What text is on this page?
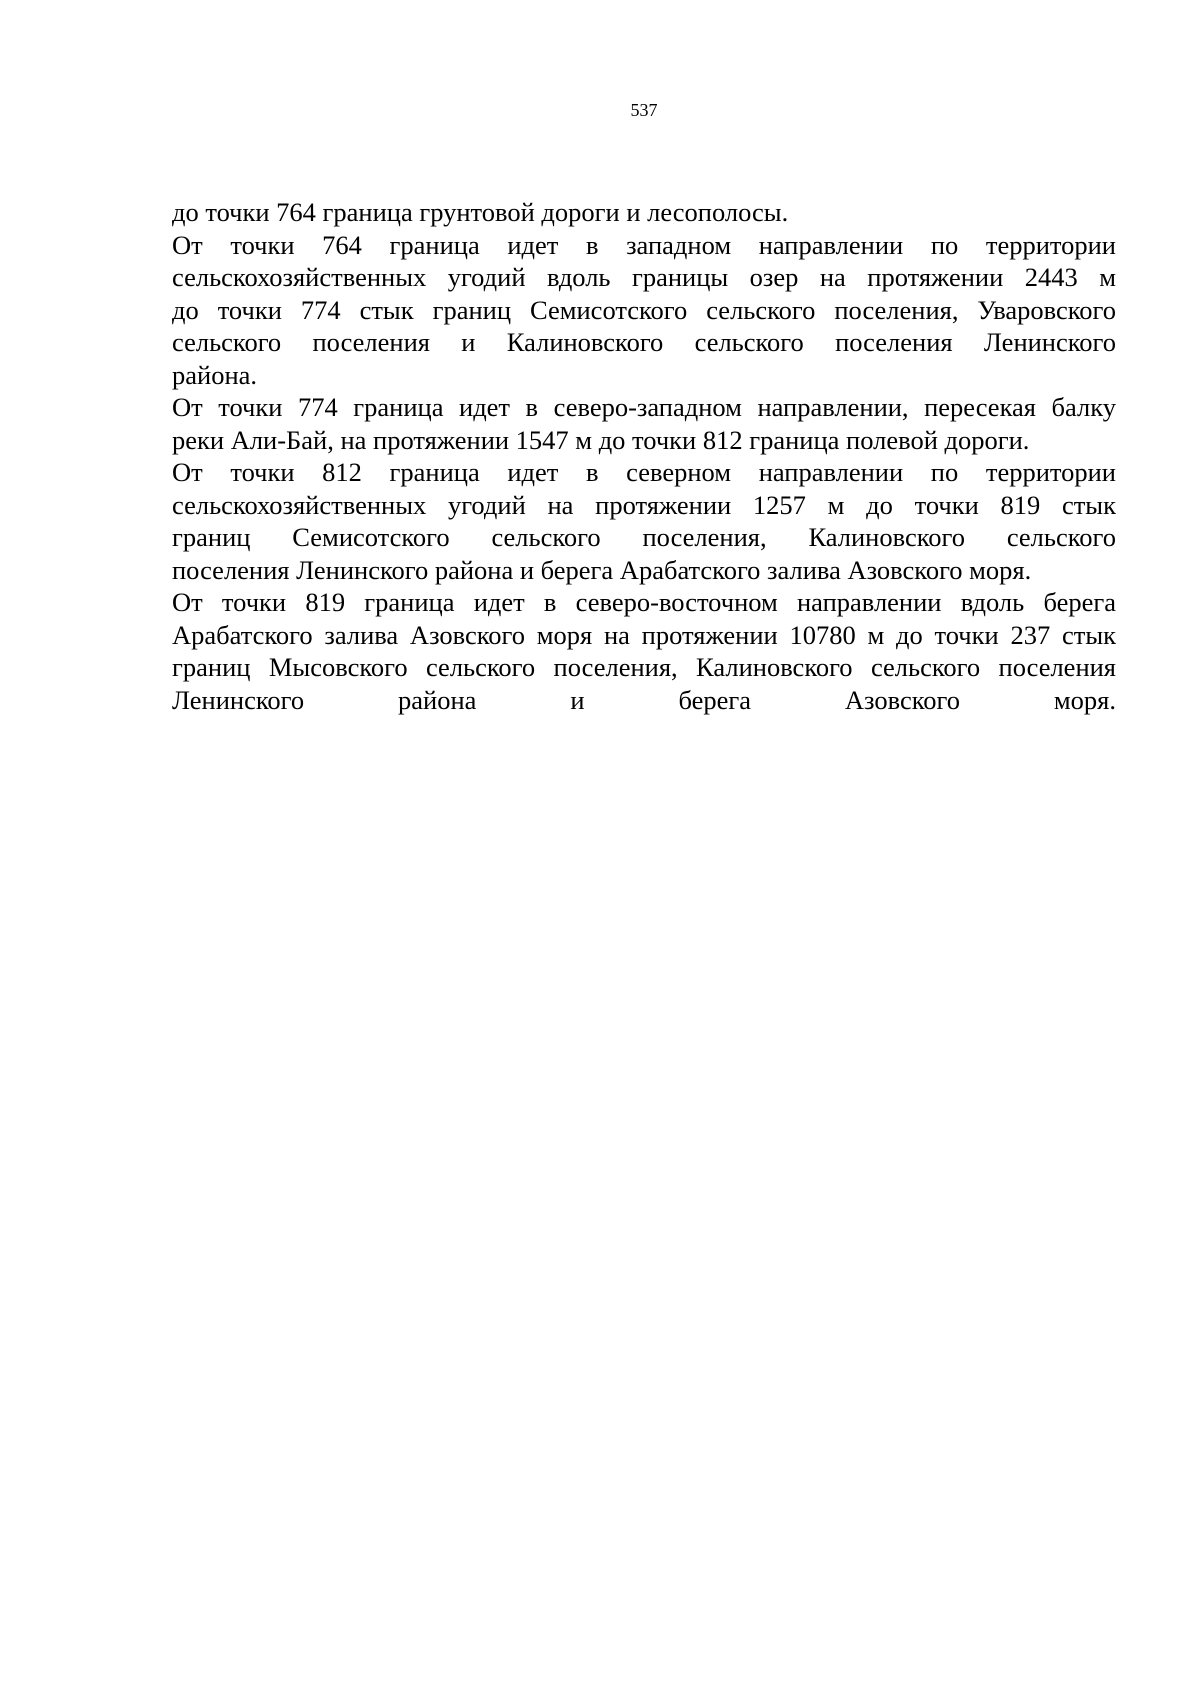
537
до точки 764 граница грунтовой дороги и лесополосы.
От точки 764 граница идет в западном направлении по территории
сельскохозяйственных угодий вдоль границы озер на протяжении 2443 м
до точки 774 стык границ Семисотского сельского поселения, Уваровского
сельского поселения и Калиновского сельского поселения Ленинского
района.
От точки 774 граница идет в северо-западном направлении, пересекая балку
реки Али-Бай, на протяжении 1547 м до точки 812 граница полевой дороги.
От точки 812 граница идет в северном направлении по территории
сельскохозяйственных угодий на протяжении 1257 м до точки 819 стык
границ Семисотского сельского поселения, Калиновского сельского
поселения Ленинского района и берега Арабатского залива Азовского моря.
От точки 819 граница идет в северо-восточном направлении вдоль берега
Арабатского залива Азовского моря на протяжении 10780 м до точки 237 стык
границ Мысовского сельского поселения, Калиновского сельского поселения
Ленинского района и берега Азовского моря.
